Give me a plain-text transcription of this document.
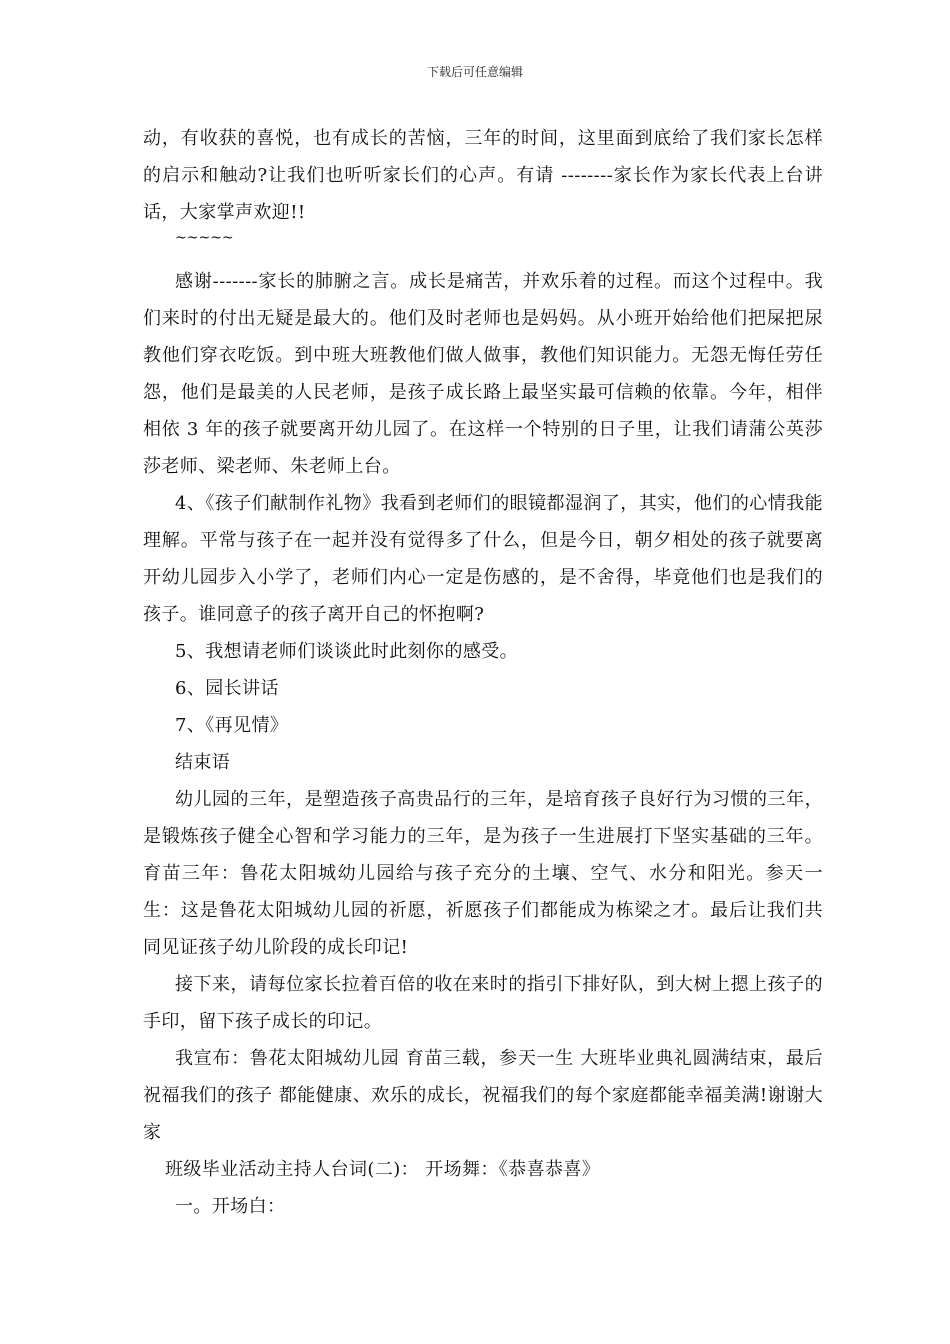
下载后可任意编辑

动，有收获的喜悦，也有成长的苦恼，三年的时间，这里面到底给了我们家长怎样的启示和触动?让我们也听听家长们的心声。有请 --------家长作为家长代表上台讲话，大家掌声欢迎!!

~~~~~

感谢-------家长的肺腑之言。成长是痛苦，并欢乐着的过程。而这个过程中。我们来时的付出无疑是最大的。他们及时老师也是妈妈。从小班开始给他们把屎把尿教他们穿衣吃饭。到中班大班教他们做人做事，教他们知识能力。无怨无悔任劳任怨，他们是最美的人民老师，是孩子成长路上最坚实最可信赖的依靠。今年，相伴相依 3 年的孩子就要离开幼儿园了。在这样一个特别的日子里，让我们请蒲公英莎莎老师、梁老师、朱老师上台。

4、《孩子们献制作礼物》我看到老师们的眼镜都湿润了，其实，他们的心情我能理解。平常与孩子在一起并没有觉得多了什么，但是今日，朝夕相处的孩子就要离开幼儿园步入小学了，老师们内心一定是伤感的，是不舍得，毕竟他们也是我们的孩子。谁同意子的孩子离开自己的怀抱啊?

5、我想请老师们谈谈此时此刻你的感受。

6、园长讲话

7、《再见情》

结束语

幼儿园的三年，是塑造孩子高贵品行的三年，是培育孩子良好行为习惯的三年，是锻炼孩子健全心智和学习能力的三年，是为孩子一生进展打下坚实基础的三年。育苗三年：鲁花太阳城幼儿园给与孩子充分的土壤、空气、水分和阳光。参天一生：这是鲁花太阳城幼儿园的祈愿，祈愿孩子们都能成为栋梁之才。最后让我们共同见证孩子幼儿阶段的成长印记!

接下来，请每位家长拉着百倍的收在来时的指引下排好队，到大树上摁上孩子的手印，留下孩子成长的印记。

我宣布：鲁花太阳城幼儿园 育苗三载，参天一生 大班毕业典礼圆满结束，最后祝福我们的孩子 都能健康、欢乐的成长，祝福我们的每个家庭都能幸福美满!谢谢大家

班级毕业活动主持人台词(二)： 开场舞：《恭喜恭喜》

一。开场白：
